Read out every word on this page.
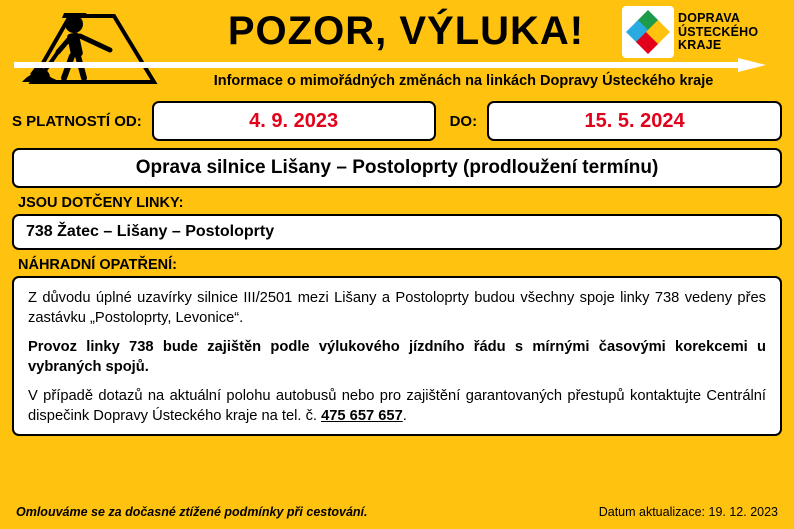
POZOR, VÝLUKA!
Informace o mimořádných změnách na linkách Dopravy Ústeckého kraje
DOPRAVA
ÚSTECKÉHO
KRAJE
S PLATNOSTÍ OD:	4. 9. 2023	DO:	15. 5. 2024
Oprava silnice Lišany – Postoloprty (prodloužení termínu)
JSOU DOTČENY LINKY:
738 Žatec – Lišany – Postoloprty
NÁHRADNÍ OPATŘENÍ:

Z důvodu úplné uzavírky silnice III/2501 mezi Lišany a Postoloprty budou všechny spoje linky 738 vedeny přes zastávku „Postoloprty, Levonice“.

Provoz linky 738 bude zajištěn podle výlukového jízdního řádu s mírnými časovými korekcemi u vybraných spojů.

V případě dotazů na aktuální polohu autobusů nebo pro zajištění garantovaných přestupů kontaktujte Centrální dispečink Dopravy Ústeckého kraje na tel. č. 475 657 657.

Omlouváme se za dočasné ztížené podmínky při cestování.	Datum aktualizace: 19. 12. 2023
